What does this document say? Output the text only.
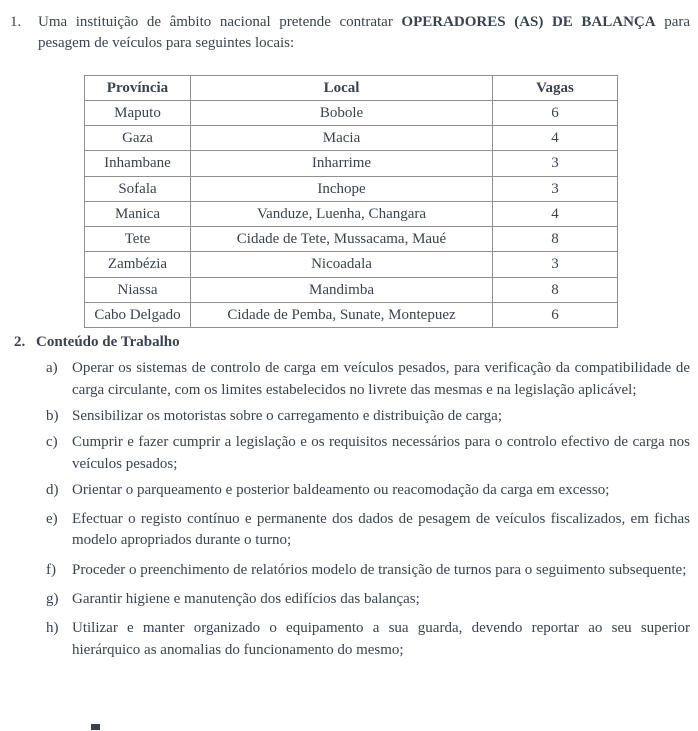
1.	Uma instituição de âmbito nacional pretende contratar OPERADORES (AS) DE BALANÇA para pesagem de veículos para seguintes locais:
Província	Local	Vagas
Maputo	Bobole	6
Gaza	Macia	4
Inhambane	Inharrime	3
Sofala	Inchope	3
Manica	Vanduze, Luenha, Changara	4
Tete	Cidade de Tete, Mussacama, Maué	8
Zambézia	Nicoadala	3
Niassa	Mandimba	8
Cabo Delgado	Cidade de Pemba, Sunate, Montepuez	6
2. Conteúdo de Trabalho
a) Operar os sistemas de controlo de carga em veículos pesados, para verificação da compatibilidade de carga circulante, com os limites estabelecidos no livrete das mesmas e na legislação aplicável;
b) Sensibilizar os motoristas sobre o carregamento e distribuição de carga;
c) Cumprir e fazer cumprir a legislação e os requisitos necessários para o controlo efectivo de carga nos veículos pesados;
d) Orientar o parqueamento e posterior baldeamento ou reacomodação da carga em excesso;
e) Efectuar o registo contínuo e permanente dos dados de pesagem de veículos fiscalizados, em fichas modelo apropriados durante o turno;
f)	Proceder o preenchimento de relatórios modelo de transição de turnos para o seguimento subsequente;
g) Garantir higiene e manutenção dos edifícios das balanças;
h) Utilizar e manter organizado o equipamento a sua guarda, devendo reportar ao seu superior hierárquico as anomalias do funcionamento do mesmo;
